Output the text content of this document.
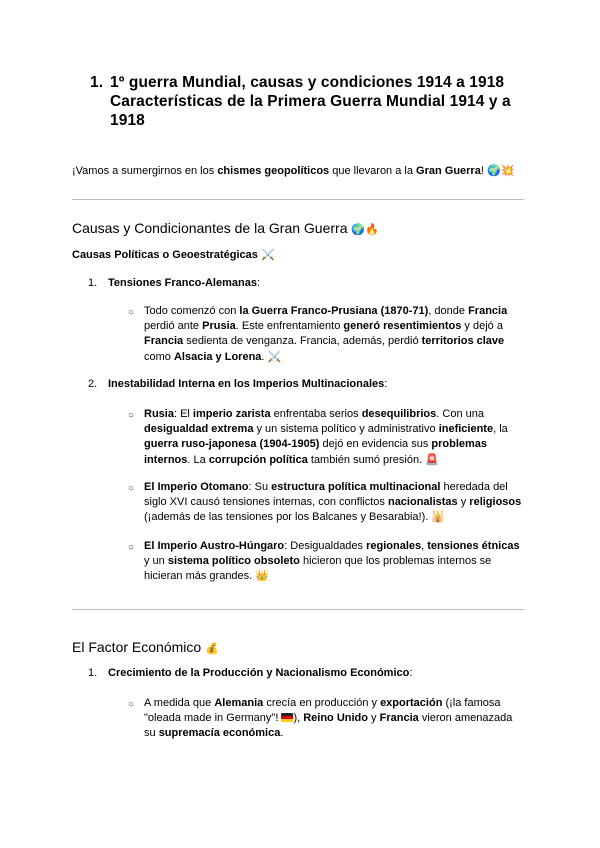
1. 1º guerra Mundial, causas y condiciones 1914 a 1918
Características de la Primera Guerra Mundial 1914 y a
1918
¡Vamos a sumergirnos en los chismes geopolíticos que llevaron a la Gran Guerra! 🌍💥
Causas y Condicionantes de la Gran Guerra 🌍🔥
Causas Políticas o Geoestratégicas ⚔️
1. Tensiones Franco-Alemanas:
○ Todo comenzó con la Guerra Franco-Prusiana (1870-71), donde Francia
perdió ante Prusia. Este enfrentamiento generó resentimientos y dejó a
Francia sedienta de venganza. Francia, además, perdió territorios clave
como Alsacia y Lorena. ⚔️
2. Inestabilidad Interna en los Imperios Multinacionales:
○ Rusia: El imperio zarista enfrentaba serios desequilibrios. Con una
desigualdad extrema y un sistema político y administrativo ineficiente, la
guerra ruso-japonesa (1904-1905) dejó en evidencia sus problemas
internos. La corrupción política también sumó presión. 🚨
○ El Imperio Otomano: Su estructura política multinacional heredada del
siglo XVI causó tensiones internas, con conflictos nacionalistas y religiosos
(¡además de las tensiones por los Balcanes y Besarabia!). 🕌
○ El Imperio Austro-Húngaro: Desigualdades regionales, tensiones étnicas
y un sistema político obsoleto hicieron que los problemas internos se
hicieran más grandes. 👑
El Factor Económico 💰
1. Crecimiento de la Producción y Nacionalismo Económico:
○ A medida que Alemania crecía en producción y exportación (¡la famosa
"oleada made in Germany"! ), Reino Unido y Francia vieron amenazada
su supremacía económica.
